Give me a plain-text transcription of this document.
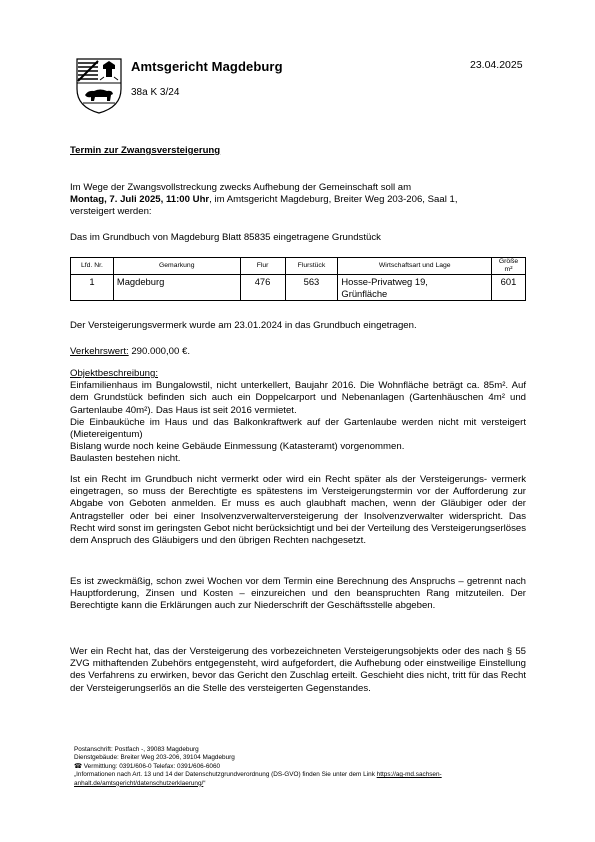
Amtsgericht Magdeburg
38a K 3/24
23.04.2025
Termin zur Zwangsversteigerung

Im Wege der Zwangsvollstreckung zwecks Aufhebung der Gemeinschaft soll am

Montag, 7. Juli 2025, 11:00 Uhr, im Amtsgericht Magdeburg, Breiter Weg 203-206, Saal 1,

versteigert werden:

Das im Grundbuch von Magdeburg Blatt 85835 eingetragene Grundstück
Lfd. Nr.	Gemarkung	Flur	Flurstück	Wirtschaftsart und Lage	Größe m²
1	Magdeburg	476	563	Hosse-Privatweg 19,
Grünfläche	601
Der Versteigerungsvermerk wurde am 23.01.2024 in das Grundbuch eingetragen.
Verkehrswert: 290.000,00 €.

Objektbeschreibung:

Einfamilienhaus im Bungalowstil, nicht unterkellert, Baujahr 2016. Die Wohnfläche beträgt ca. 85m². Auf dem Grundstück befinden sich auch ein Doppelcarport und Nebenanlagen (Gartenhäuschen 4m² und Gartenlaube 40m²). Das Haus ist seit 2016 vermietet.

Die Einbauküche im Haus und das Balkonkraftwerk auf der Gartenlaube werden nicht mit versteigert (Mietereigentum)

Bislang wurde noch keine Gebäude Einmessung (Katasteramt) vorgenommen.

Baulasten bestehen nicht.

Ist ein Recht im Grundbuch nicht vermerkt oder wird ein Recht später als der Versteigerungs- vermerk eingetragen, so muss der Berechtigte es spätestens im Versteigerungstermin vor der Aufforderung zur Abgabe von Geboten anmelden. Er muss es auch glaubhaft machen, wenn der Gläubiger oder der Antragsteller oder bei einer Insolvenzverwalterversteigerung der Insolvenzverwalter widerspricht. Das Recht wird sonst im geringsten Gebot nicht berücksichtigt und bei der Verteilung des Versteigerungserlöses dem Anspruch des Gläubigers und den übrigen Rechten nachgesetzt.
Es ist zweckmäßig, schon zwei Wochen vor dem Termin eine Berechnung des Anspruchs – getrennt nach Hauptforderung, Zinsen und Kosten – einzureichen und den beanspruchten Rang mitzuteilen. Der Berechtigte kann die Erklärungen auch zur Niederschrift der Geschäftsstelle abgeben.
Wer ein Recht hat, das der Versteigerung des vorbezeichneten Versteigerungsobjekts oder des nach § 55 ZVG mithaftenden Zubehörs entgegensteht, wird aufgefordert, die Aufhebung oder einstweilige Einstellung des Verfahrens zu erwirken, bevor das Gericht den Zuschlag erteilt. Geschieht dies nicht, tritt für das Recht der Versteigerungserlös an die Stelle des versteigerten Gegenstandes.
Postanschrift: Postfach -, 39083 Magdeburg
Dienstgebäude: Breiter Weg 203-206, 39104 Magdeburg
☎ Vermittlung: 0391/606-0 Telefax: 0391/606-6060
„Informationen nach Art. 13 und 14 der Datenschutzgrundverordnung (DS-GVO) finden Sie unter dem Link https://ag-md.sachsen-
anhalt.de/amtsgericht/datenschutzerklaerung/“
